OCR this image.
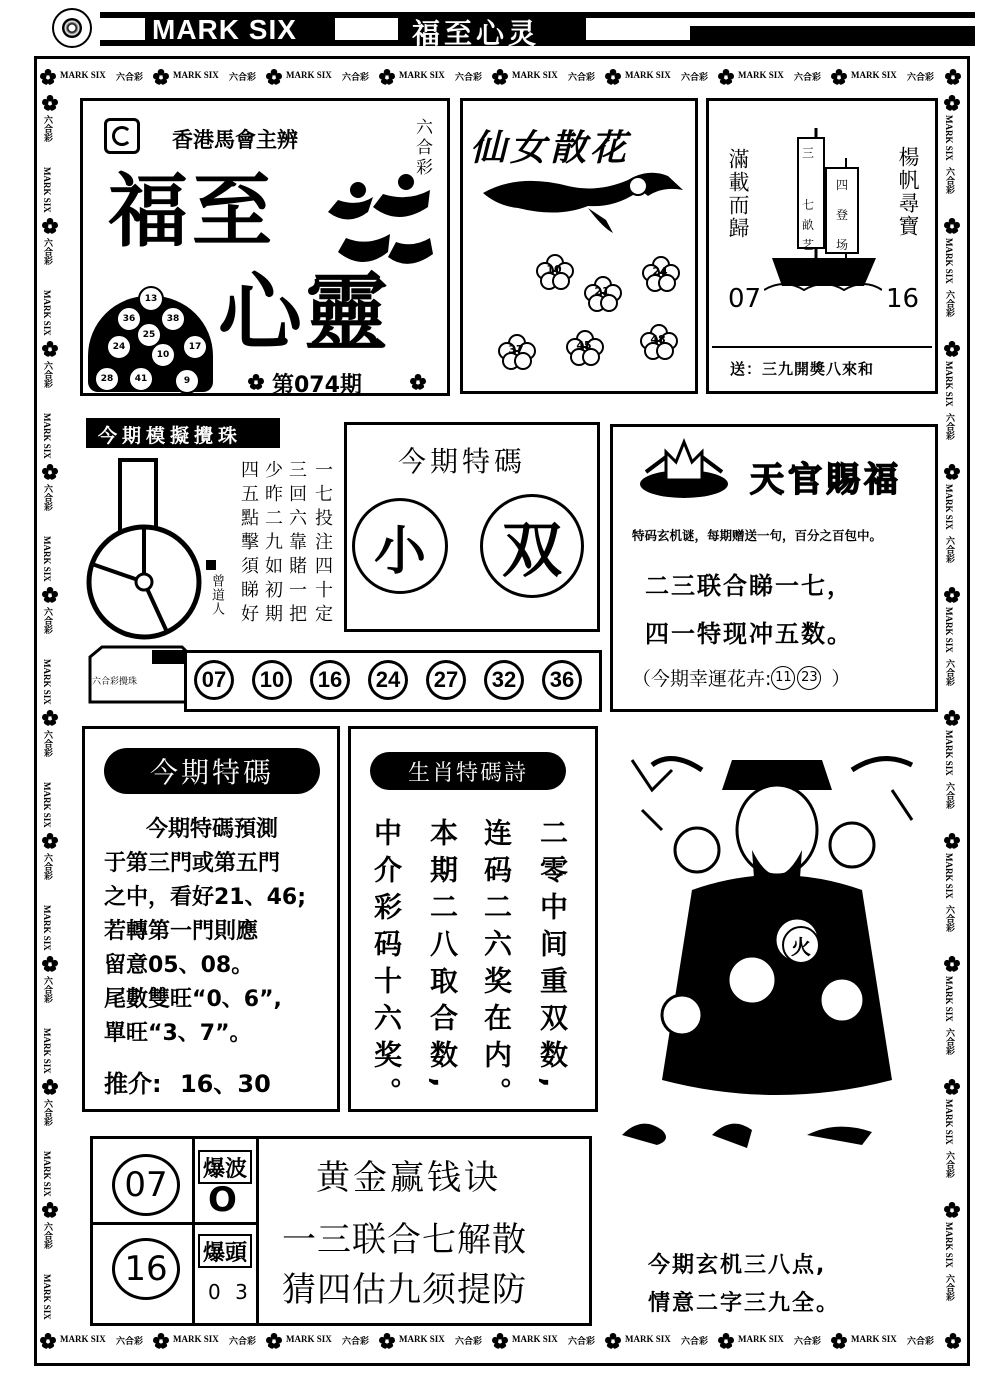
MARK SIX	福至心灵
MARK SIX 六合彩	MARK SIX 六合彩	MARK SIX 六合彩	MARK SIX 六合彩	MARK SIX 六合彩	MARK SIX 六合彩	MARK SIX 六合彩	MARK SIX 六合彩
MARK SIX 六合彩	MARK SIX 六合彩	MARK SIX 六合彩	MARK SIX 六合彩	MARK SIX 六合彩	MARK SIX 六合彩	MARK SIX 六合彩	MARK SIX 六合彩
六合彩
MARK SIX
六合彩
MARK SIX
六合彩
MARK SIX
六合彩
MARK SIX
六合彩
MARK SIX
六合彩
MARK SIX
六合彩
MARK SIX
六合彩
MARK SIX
六合彩
MARK SIX
六合彩
MARK SIX
MARK SIX
六合彩
MARK SIX
六合彩
MARK SIX
六合彩
MARK SIX
六合彩
MARK SIX
六合彩
MARK SIX
六合彩
MARK SIX
六合彩
MARK SIX
六合彩
MARK SIX
六合彩
MARK SIX
六合彩
香港馬會主辨	六合彩
福至
心靈
13
36	38
25
24
10
17
28	41	9	第074期
仙女散花
10
21
24
37	45	48
滿載而歸	楊帆尋寶
三
四
七
登
畝
艺 场
07	16
送：三九開獎八來和
今期模擬攪珠
六合彩攪珠
一七投注四十定
三回六靠賭一把
少昨二九如初期
四五點擊須睇好
曾道人
今期特碼
小 双
07 10 16 24 27 32 36
天官賜福
特码玄机谜，每期赠送一句，百分之百包中。
二三联合睇一七，
四一特现冲五数。
（今期幸運花卉: 11 23 ）
今期特碼
今期特碼預測
于第三門或第五門
之中，看好21、46;
若轉第一門則應
留意05、08。
尾數雙旺“0、6”,
單旺“3、7”。
推介: 16、30
生肖特碼詩
二零中间重双数,
连码二六奖在内。
本期二八取合数,
中介彩码十六奖。	火
今期玄机三八点,
情意二字三九全。
07 爆波
O
16 爆頭
0 3
黄金赢钱诀
一三联合七解散
猜四估九须提防
